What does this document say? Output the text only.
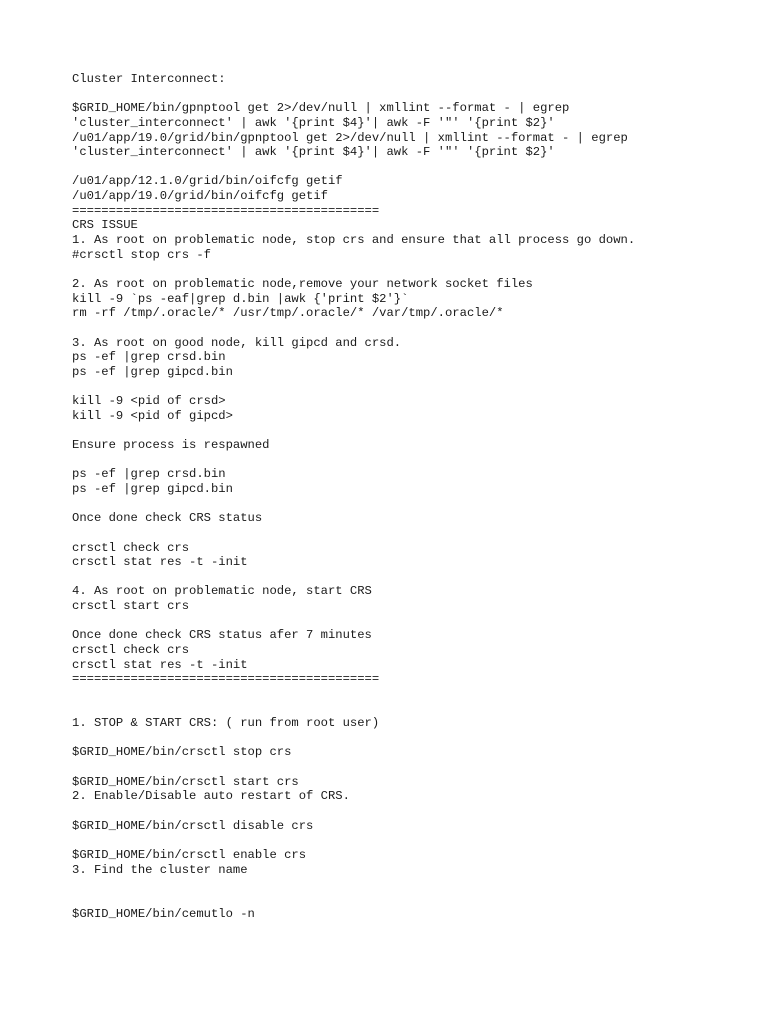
Cluster Interconnect:
$GRID_HOME/bin/gpnptool get 2>/dev/null | xmllint --format - | egrep
'cluster_interconnect' | awk '{print $4}'| awk -F '"' '{print $2}'
/u01/app/19.0/grid/bin/gpnptool get 2>/dev/null | xmllint --format - | egrep
'cluster_interconnect' | awk '{print $4}'| awk -F '"' '{print $2}'
/u01/app/12.1.0/grid/bin/oifcfg getif
/u01/app/19.0/grid/bin/oifcfg getif
==========================================
CRS ISSUE
1. As root on problematic node, stop crs and ensure that all process go down.
#crsctl stop crs -f
2. As root on problematic node,remove your network socket files
kill -9 `ps -eaf|grep d.bin |awk {'print $2'}`
rm -rf /tmp/.oracle/* /usr/tmp/.oracle/* /var/tmp/.oracle/*
3. As root on good node, kill gipcd and crsd.
ps -ef |grep crsd.bin
ps -ef |grep gipcd.bin
kill -9 <pid of crsd>
kill -9 <pid of gipcd>
Ensure process is respawned
ps -ef |grep crsd.bin
ps -ef |grep gipcd.bin
Once done check CRS status
crsctl check crs
crsctl stat res -t -init
4. As root on problematic node, start CRS
crsctl start crs
Once done check CRS status afer 7 minutes
crsctl check crs
crsctl stat res -t -init
==========================================
1. STOP & START CRS: ( run from root user)
$GRID_HOME/bin/crsctl stop crs
$GRID_HOME/bin/crsctl start crs
2. Enable/Disable auto restart of CRS.
$GRID_HOME/bin/crsctl disable crs
$GRID_HOME/bin/crsctl enable crs
3. Find the cluster name
$GRID_HOME/bin/cemutlo -n
